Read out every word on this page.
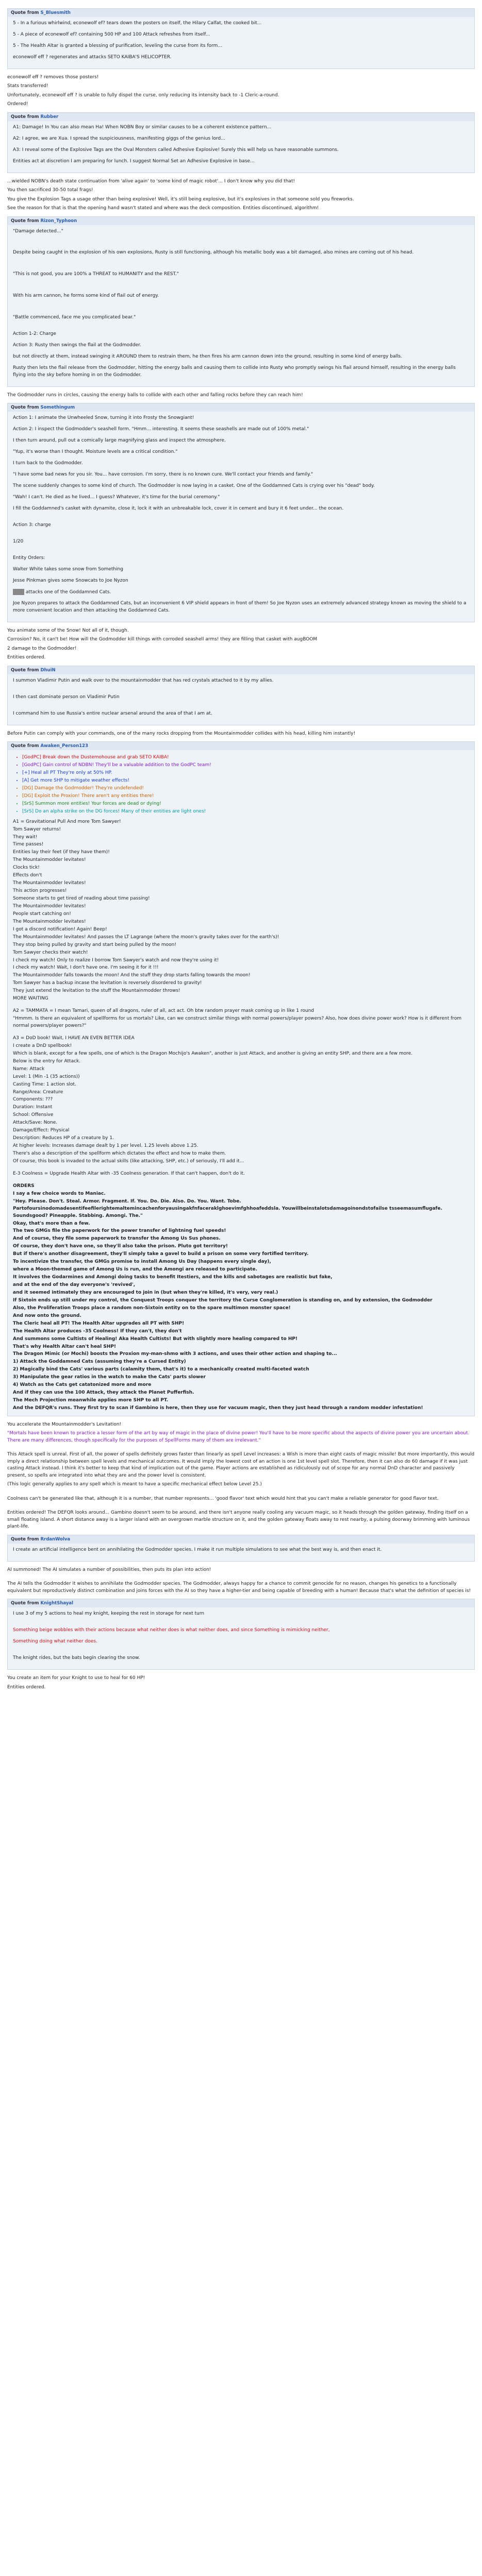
Quote from S_Bluesmith

5 - In a furious whirlwind, econewolf ef? tears down the posters on itself, the Hilary Calfat, the cooked bit...

5 - A piece of econewolf ef? containing 500 HP and 100 Attack refreshes from itself...

5 - The Health Altar is granted a blessing of purification, leveling the curse from its form...

econewolf eff ? regenerates and attacks SETO KAIBA'S HELICOPTER.

econewolf eff ? removes those posters!

Stats transferred!

Unfortunately, econewolf eff ? is unable to fully dispel the curse, only reducing its intensity back to -1 Cleric-a-round.

Ordered!

Quote from Rubber

A1: Damage! In You can also mean Ha! When NOBN Boy or similar causes to be a coherent existence pattern...

A2: I agree, we are Xua. I spread the suspiciousness, manifesting giggs of the genius lord...

A3: I reveal some of the Explosive Tags are the Oval Monsters called Adhesive Explosive! Surely this will help us have reasonable summons.

Entities act at discretion I am preparing for lunch. I suggest Normal Set an Adhesive Explosive in base...

...wielded NOBN's death state continuation from 'alive again' to 'some kind of magic robot'... I don't know why you did that!

You then sacrificed 30-50 total frags!

You give the Explosion Tags a usage other than being explosive! Well, it's still being explosive, but it's explosives in that someone sold you fireworks.

See the reason for that is that the opening hand wasn't stated and where was the deck composition. Entities discontinued, algorithm!

Quote from Rizon_Typhoon

"Damage detected..."

Despite being caught in the explosion of his own explosions, Rusty is still functioning, although his metallic body was a bit damaged, also mines are coming out of his head.

"This is not good, you are 100% a THREAT to HUMANITY and the REST."

With his arm cannon, he forms some kind of flail out of energy.

"Battle commenced, face me you complicated bear."

Action 1-2: Charge

Action 3: Rusty then swings the flail at the Godmodder.

but not directly at them, instead swinging it AROUND them to restrain them, he then fires his arm cannon down into the ground, resulting in some kind of energy balls.

Rusty then lets the flail release from the Godmodder, hitting the energy balls and causing them to collide into Rusty who promptly swings his flail around himself, resulting in the energy balls flying into the sky before homing in on the Godmodder.

The Godmodder runs in circles, causing the energy balls to collide with each other and falling rocks before they can reach him!

Quote from Somethingum

Action 1: I animate the Unwheeled Snow, turning it into Frosty the Snowgiant!

Action 2: I inspect the Godmodder's seashell form. "Hmm... interesting. It seems these seashells are made out of 100% metal."

I then turn around, pull out a comically large magnifying glass and inspect the atmosphere.

"Yup, it's worse than I thought. Moisture levels are a critical condition."

I turn back to the Godmodder.

"I have some bad news for you sir. You... have corrosion. I'm sorry, there is no known cure. We'll contact your friends and family."

The scene suddenly changes to some kind of church. The Godmodder is now laying in a casket. One of the Goddamned Cats is crying over his "dead" body.

"Wah! I can't. He died as he lived... I guess? Whatever, it's time for the burial ceremony."

I fill the Goddamned's casket with dynamite, close it, lock it with an unbreakable lock, cover it in cement and bury it 6 feet under... the ocean.

Action 3: charge

1/20

Entity Orders:

Walter White takes some snow from Something

Jesse Pinkman gives some Snowcats to Joe Nyzon

attacks one of the Goddamned Cats.

Joe Nyzon prepares to attack the Goddamned Cats, but an inconvenient 6 VIP shield appears in front of them! So Joe Nyzon uses an extremely advanced strategy known as moving the shield to a more convenient location and then attacking the Goddamned Cats.

You animate some of the Snow! Not all of it, though.

Corrosion? No, it can't be! How will the Godmodder kill things with corroded seashell arms! they are filling that casket with augBOOM

2 damage to the Godmodder!

Entities ordered.

Quote from DhuiN

I summon Vladimir Putin and walk over to the mountainmodder that has red crystals attached to it by my allies.

I then cast dominate person on Vladimir Putin

I command him to use Russia's entire nuclear arsenal around the area of that I am at.

Before Putin can comply with your commands, one of the many rocks dropping from the Mountainmodder collides with his head, killing him instantly!

Quote from Awaken_Person123
• [GodPC] Break down the Dustemohouse and grab SETO KAIBA!
• [GodPC] Gain control of NDBN! They'll be a valuable addition to the GodPC team!
• [+] Heal all PT They're only at 50% HP.
• [A] Get more SHP to mitigate weather effects!
• [DG] Damage the Godmodder! They're undefended!
• [DG] Exploit the Proxion! There aren't any entities there!
• [SrS] Summon more entities! Your forces are dead or dying!
• [SrS] Do an alpha strike on the DG forces! Many of their entities are light ones!

A1 = Gravitational Pull And more Tom Sawyer!

Tom Sawyer returns!

They wait!

Time passes!

Entities lay their feet (if they have them)!

The Mountainmodder levitates!

Clocks tick!

Effects don't

The Mountainmodder levitates!

This action progresses!

Someone starts to get tired of reading about time passing!

The Mountainmodder levitates!

People start catching on!

The Mountainmodder levitates!

I got a discord notification! Again! Beep!

The Mountainmodder levitates! And passes the LT Lagrange (where the moon's gravity takes over for the earth's)!

They stop being pulled by gravity and start being pulled by the moon!

Tom Sawyer checks their watch!

I check my watch! Only to realize I borrow Tom Sawyer's watch and now they're using it!

I check my watch! Wait, I don't have one. I'm seeing it for it !!!

The Mountainmodder falls towards the moon! And the stuff they drop starts falling towards the moon!

Tom Sawyer has a backup incase the levitation is reversely disordered to gravity!

They just extend the levitation to the stuff the Mountainmodder throws!

MORE WAITING

A2 = TAMMATA = I mean Tamari, queen of all dragons, ruler of all, act act. Oh btw random prayer mask coming up in like 1 round

"Hmmm. Is there an equivalent of spellforms for us mortals? Like, can we construct similar things with normal powers/player powers? Also, how does divine power work? How is it different from normal powers/player powers?"

A3 = DoD book! Wait, I HAVE AN EVEN BETTER IDEA

I create a DnD spellbook!

Which is blank, except for a few spells, one of which is the Dragon Mochijo's Awaken", another is just Attack, and another is giving an entity SHP, and there are a few more.

Below is the entry for Attack.

Name: Attack

Level: 1 (Min -1 (35 actions))

Casting Time: 1 action slot.

Range/Area: Creature

Components: ???

Duration: Instant

School: Offensive

Attack/Save: None.

Damage/Effect: Physical

Description: Reduces HP of a creature by 1.

At higher levels: Increases damage dealt by 1 per level. 1.25 levels above 1.25.

There's also a description of the spellform which dictates the effect and how to make them.

Of course, this book is invaded to the actual skills (like attacking, SHP, etc.) of seriously, I'll add it...

E-3 Coolness = Upgrade Health Altar with -35 Coolness generation. If that can't happen, don't do it.

ORDERS

I say a few choice words to Maniac.

"Hey. Please. Don't. Steal. Armor. Fragment. If. You. Do. Die. Also. Do. You. Want. Tobe. Partofoursinodomadesentifeefilerightemaltemincachenforyausingakfnfaceraklghoevimfghhoafeddsla. Youwillbeinstalotsdamagoinondstofailse tsseemasumflugafe. Soundsgood? Pineapple. Stabbing. Amongi. The."

Okay, that's more than a few.

The two GMGs file the paperwork for the power transfer of lightning fuel speeds!

And of course, they file some paperwork to transfer the Among Us Sus phones.

Of course, they don't have one, so they'll also take the prison. Pluto got territory!

But if there's another disagreement, they'll simply take a gavel to build a prison on some very fortified territory.

To incentivize the transfer, the GMGs promise to install Among Us Day (happens every single day),

where a Moon-themed game of Among Us is run, and the Amongi are released to participate.

It involves the Godarmines and Amongi doing tasks to benefit Itestiers, and the kills and sabotages are realistic but fake,

and at the end of the day everyone's 'revived',

and it seemed intimately they are encouraged to join in (but when they're killed, it's very, very real.)

If Sixtoin ends up still under my control, the Conquest Troops conquer the territory the Curse Conglomeration is standing on, and by extension, the Godmodder

Also, the Proliferation Troops place a random non-Sixtoin entity on to the spare multimon monster space!

And now onto the ground.

The Cleric heal all PT! The Health Altar upgrades all PT with SHP!

The Health Altar produces -35 Coolness! If they can't, they don't

And summons some Cultists of Healing! Aka Health Cultists! But with slightly more healing compared to HP!

That's why Health Altar can't heal SHP!

The Dragon Mimic (or Mochi) boosts the Proxion my-man-shmo with 3 actions, and uses their other action and shaping to...

1) Attack the Goddamned Cats (assuming they're a Cursed Entity)

2) Magically bind the Cats' various parts (calamity them, that's it) to a mechanically created multi-faceted watch

3) Manipulate the gear ratios in the watch to make the Cats' parts slower

4) Watch as the Cats get catatonized more and more

And if they can use the 100 Attack, they attack the Planet Pufferfish.

The Mech Projection meanwhile applies more SHP to all PT.

And the DEFQR's runs. They first try to scan if Gambino is here, then they use for vacuum magic, then they just head through a random modder infestation!

You accelerate the Mountainmodder's Levitation!

"Mortals have been known to practice a lesser form of the art by way of magic in the place of divine power! You'll have to be more specific about the aspects of divine power you are uncertain about. There are many differences, though specifically for the purposes of SpellForms many of them are irrelevant."

This Attack spell is unreal. First of all, the power of spells definitely grows faster than linearly as spell Level increases: a Wish is more than eight casts of magic missile! But more importantly, this would imply a direct relationship between spell levels and mechanical outcomes. It would imply the lowest cost of an action is one 1st level spell slot. Therefore, then it can also do 60 damage if it was just casting Attack instead. I think it's better to keep that kind of implication out of the game. Player actions are established as ridiculously out of scope for any normal DnD character and passively present, so spells are integrated into what they are and the power level is consistent.

(This logic generally applies to any spell which is meant to have a specific mechanical effect below Level 25.)

Coolness can't be generated like that, although it is a number, that number represents... 'good flavor' text which would hint that you can't make a reliable generator for good flavor text.

Entities ordered! The DEFQR looks around... Gambino doesn't seem to be around, and there isn't anyone really cooling any vacuum magic, so it heads through the golden gateway, finding itself on a small floating island. A short distance away is a larger island with an overgrown marble structure on it, and the golden gateway floats away to rest nearby, a pulsing doorway brimming with luminous plant-life.

Quote from RrdanWolva

I create an artificial intelligence bent on annihilating the Godmodder species. I make it run multiple simulations to see what the best way is, and then enact it.

AI summoned! The AI simulates a number of possibilities, then puts its plan into action!

The AI tells the Godmodder it wishes to annihilate the Godmodder species. The Godmodder, always happy for a chance to commit genocide for no reason, changes his genetics to a functionally equivalent but reproductively distinct combination and joins forces with the AI so they have a higher-tier and being capable of breeding with a human! Because that's what the definition of species is!

Quote from KnightShayal

I use 3 of my 5 actions to heal my knight, keeping the rest in storage for next turn

Something beige wobbles with their actions because what neither does is what neither does, and since Something is mimicking neither,

Something doing what neither does.

The knight rides, but the bats begin clearing the snow.

You create an item for your Knight to use to heal for 60 HP!

Entities ordered.
